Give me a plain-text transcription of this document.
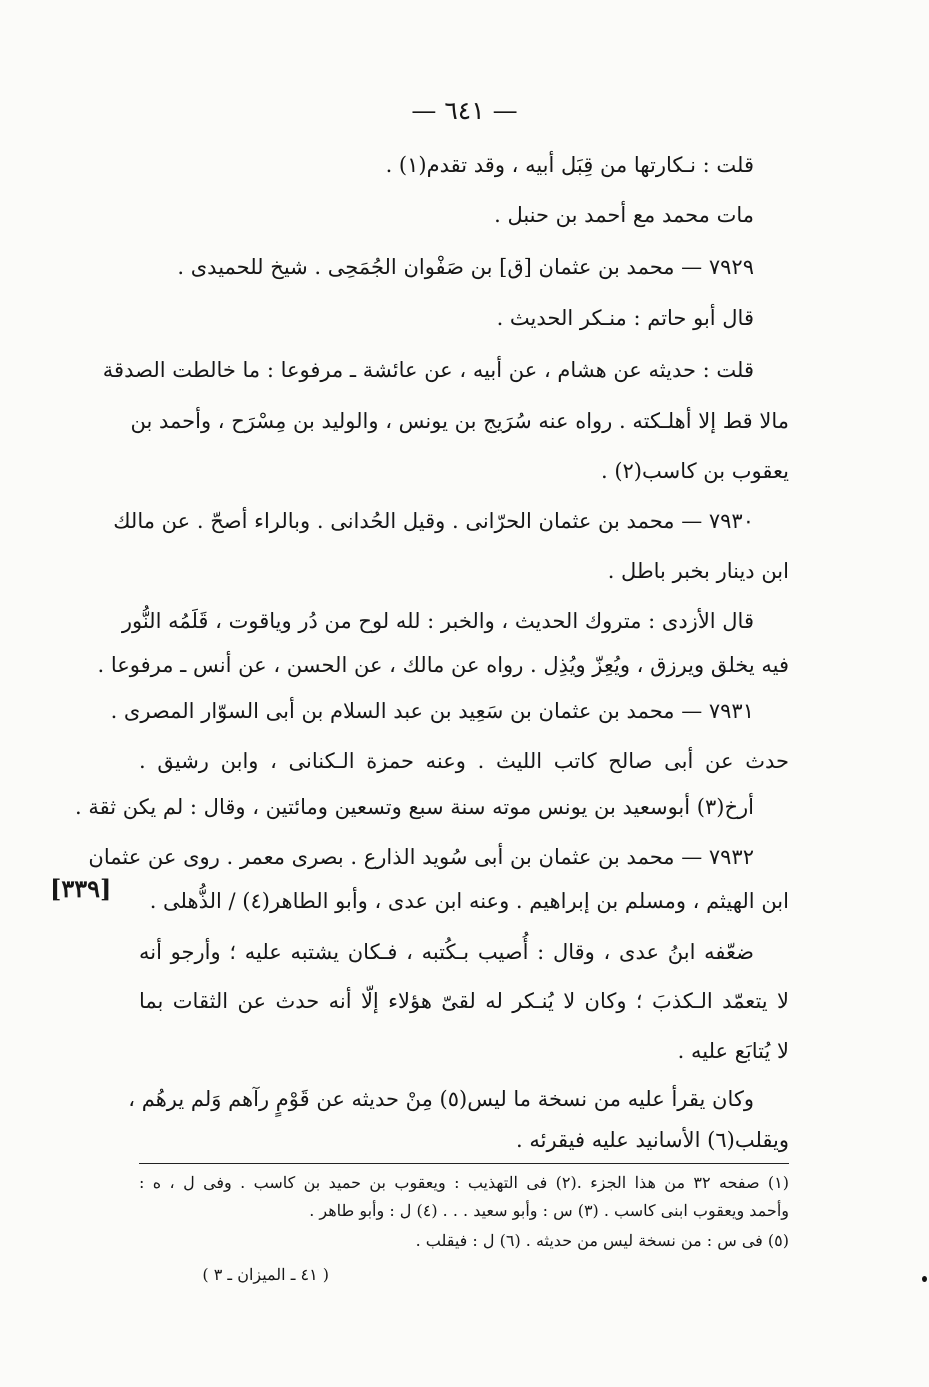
— ٦٤١ —
[٣٣٩]
قلت : نـكارتها من قِبَل أبيه ، وقد تقدم(١) .
مات محمد مع أحمد بن حنبل .
٧٩٢٩ — محمد بن عثمان [ق] بن صَفْوان الجُمَحِى . شيخ للحميدى .
قال أبو حاتم : منـكر الحديث .
قلت : حديثه عن هشام ، عن أبيه ، عن عائشة ـ مرفوعا : ما خالطت الصدقة
مالا قط إلا أهلـكته . رواه عنه سُرَيج بن يونس ، والوليد بن مِسْرَح ، وأحمد بن
يعقوب بن كاسب(٢) .
٧٩٣٠ — محمد بن عثمان الحرّانى . وقيل الحُدانى . وبالراء أصحّ . عن مالك
ابن دينار بخبر باطل .
قال الأزدى : متروك الحديث ، والخبر : لله لوح من دُر وياقوت ، قَلَمُه النُّور
فيه يخلق ويرزق ، ويُعِزّ ويُذِل . رواه عن مالك ، عن الحسن ، عن أنس ـ مرفوعا .
٧٩٣١ — محمد بن عثمان بن سَعِيد بن عبد السلام بن أبى السوّار المصرى .
حدث عن أبى صالح كاتب الليث . وعنه حمزة الـكنانى ، وابن رشيق .
أرخ(٣) أبوسعيد بن يونس موته سنة سبع وتسعين ومائتين ، وقال : لم يكن ثقة .
٧٩٣٢ — محمد بن عثمان بن أبى سُويد الذارع . بصرى معمر . روى عن عثمان
ابن الهيثم ، ومسلم بن إبراهيم . وعنه ابن عدى ، وأبو الطاهر(٤) / الذُّهلى .
ضعّفه ابنُ عدى ، وقال : أُصيب بـكُتبه ، فـكان يشتبه عليه ؛ وأرجو أنه
لا يتعمّد الـكذبَ ؛ وكان لا يُنـكر له لقىّ هؤلاء إلّا أنه حدث عن الثقات بما
لا يُتابَع عليه .
وكان يقرأ عليه من نسخة ما ليس(٥) مِنْ حديثه عن قَوْمٍ رآهم وَلم يرهُم ،
ويقلب(٦) الأسانيد عليه فيقرئه .
(١) صفحه ٣٢ من هذا الجزء .(٢) فى التهذيب : ويعقوب بن حميد بن كاسب . وفى ل ، ه :
وأحمد ويعقوب ابنى كاسب . (٣) س : وأبو سعيد . . . (٤) ل : وأبو طاهر .
(٥) فى س : من نسخة ليس من حديثه . (٦) ل : فيقلب .
( ٤١ ـ الميزان ـ ٣ )
